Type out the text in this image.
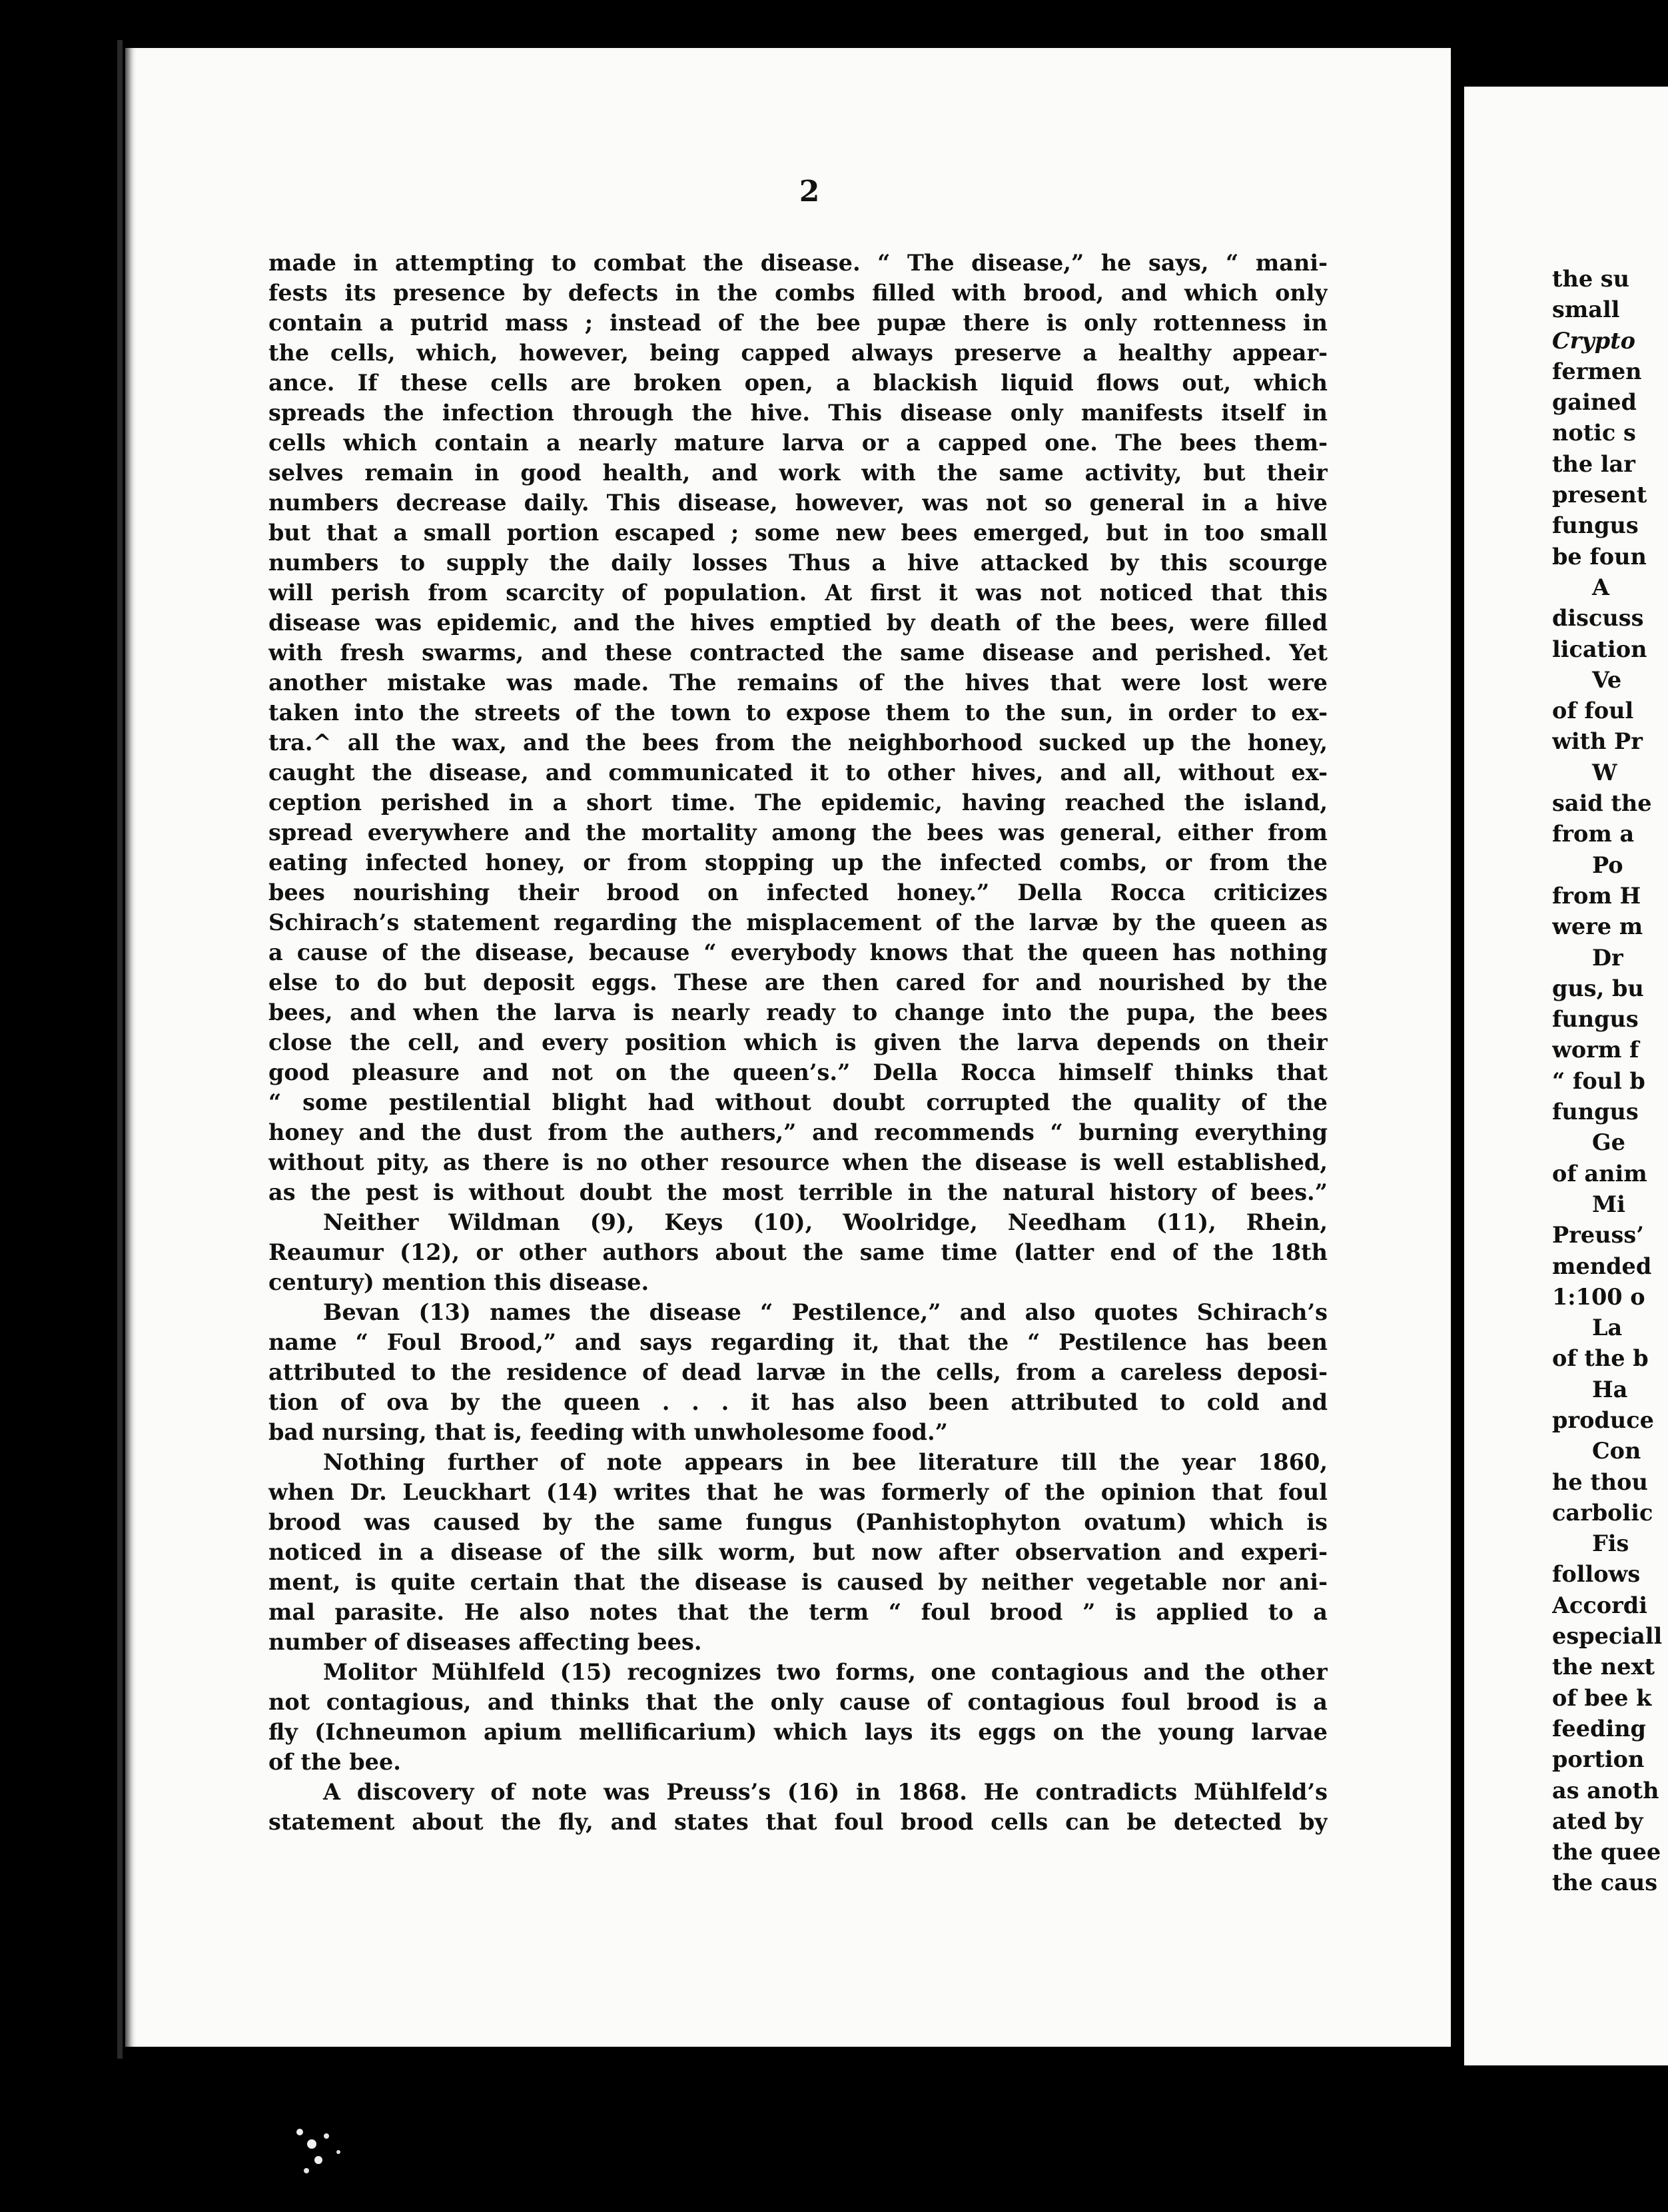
2
made in attempting to combat the disease. “ The disease,” he says, “ mani-
fests its presence by defects in the combs filled with brood, and which only
contain a putrid mass ; instead of the bee pupæ there is only rottenness in
the cells, which, however, being capped always preserve a healthy appear-
ance. If these cells are broken open, a blackish liquid flows out, which
spreads the infection through the hive. This disease only manifests itself in
cells which contain a nearly mature larva or a capped one. The bees them-
selves remain in good health, and work with the same activity, but their
numbers decrease daily. This disease, however, was not so general in a hive
but that a small portion escaped ; some new bees emerged, but in too small
numbers to supply the daily losses Thus a hive attacked by this scourge
will perish from scarcity of population. At first it was not noticed that this
disease was epidemic, and the hives emptied by death of the bees, were filled
with fresh swarms, and these contracted the same disease and perished. Yet
another mistake was made. The remains of the hives that were lost were
taken into the streets of the town to expose them to the sun, in order to ex-
tra.^ all the wax, and the bees from the neighborhood sucked up the honey,
caught the disease, and communicated it to other hives, and all, without ex-
ception perished in a short time. The epidemic, having reached the island,
spread everywhere and the mortality among the bees was general, either from
eating infected honey, or from stopping up the infected combs, or from the
bees nourishing their brood on infected honey.” Della Rocca criticizes
Schirach’s statement regarding the misplacement of the larvæ by the queen as
a cause of the disease, because “ everybody knows that the queen has nothing
else to do but deposit eggs. These are then cared for and nourished by the
bees, and when the larva is nearly ready to change into the pupa, the bees
close the cell, and every position which is given the larva depends on their
good pleasure and not on the queen’s.” Della Rocca himself thinks that
“ some pestilential blight had without doubt corrupted the quality of the
honey and the dust from the authers,” and recommends “ burning everything
without pity, as there is no other resource when the disease is well established,
as the pest is without doubt the most terrible in the natural history of bees.”
Neither Wildman (9), Keys (10), Woolridge, Needham (11), Rhein,
Reaumur (12), or other authors about the same time (latter end of the 18th
century) mention this disease.
Bevan (13) names the disease “ Pestilence,” and also quotes Schirach’s
name “ Foul Brood,” and says regarding it, that the “ Pestilence has been
attributed to the residence of dead larvæ in the cells, from a careless deposi-
tion of ova by the queen . . . it has also been attributed to cold and
bad nursing, that is, feeding with unwholesome food.”
Nothing further of note appears in bee literature till the year 1860,
when Dr. Leuckhart (14) writes that he was formerly of the opinion that foul
brood was caused by the same fungus (Panhistophyton ovatum) which is
noticed in a disease of the silk worm, but now after observation and experi-
ment, is quite certain that the disease is caused by neither vegetable nor ani-
mal parasite. He also notes that the term “ foul brood ” is applied to a
number of diseases affecting bees.
Molitor Mühlfeld (15) recognizes two forms, one contagious and the other
not contagious, and thinks that the only cause of contagious foul brood is a
fly (Ichneumon apium mellificarium) which lays its eggs on the young larvae
of the bee.
A discovery of note was Preuss’s (16) in 1868. He contradicts Mühlfeld’s
statement about the fly, and states that foul brood cells can be detected by
the su
small
Crypto
fermen
gained
notic s
the lar
present
fungus
be foun
A
discuss
lication
Ve
of foul
with Pr
W
said the
from a
Po
from H
were m
Dr
gus, bu
fungus
worm f
“ foul b
fungus
Ge
of anim
Mi
Preuss’
mended
1:100 o
La
of the b
Ha
produce
Con
he thou
carbolic
Fis
follows
Accordi
especiall
the next
of bee k
feeding
portion
as anoth
ated by
the quee
the caus
